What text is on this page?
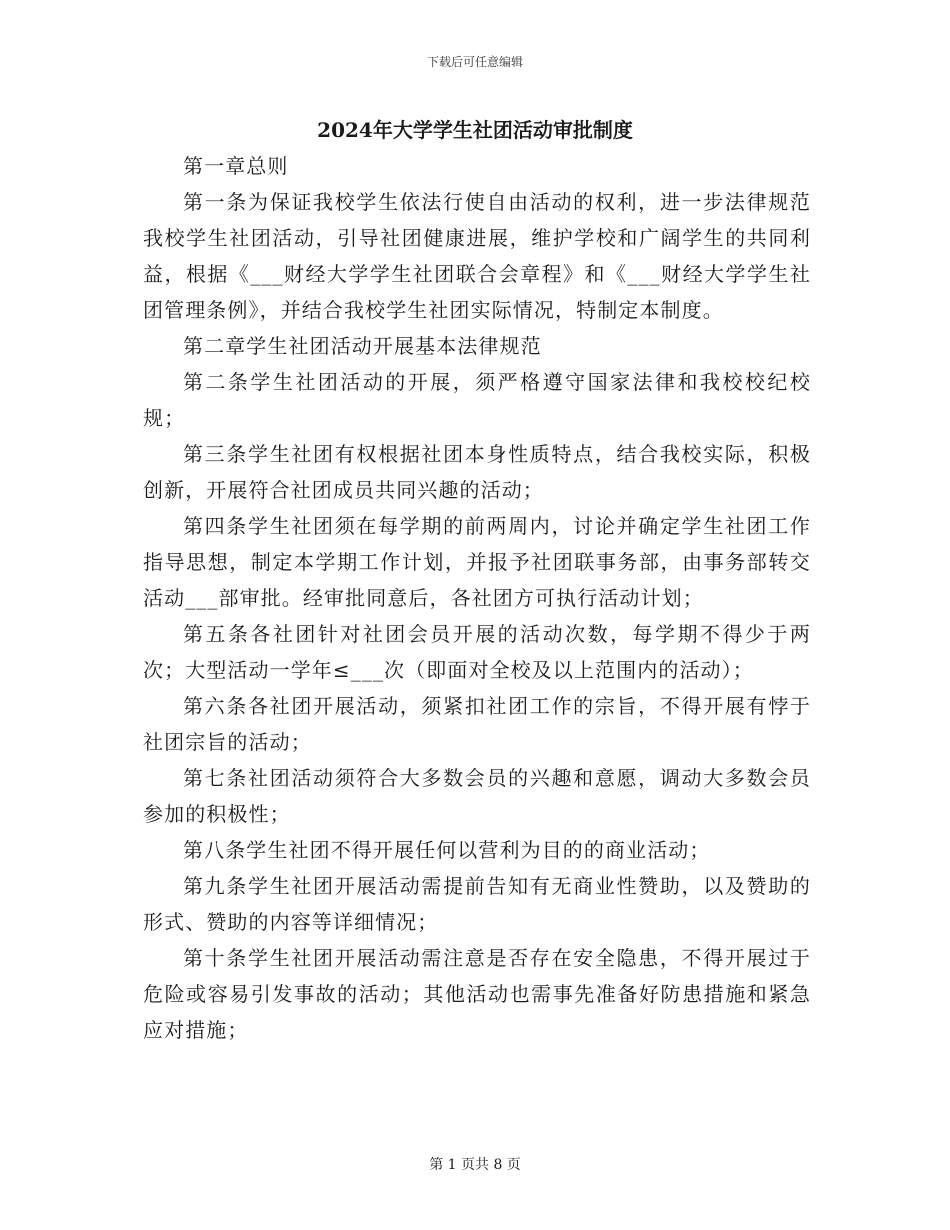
下载后可任意编辑
2024年大学学生社团活动审批制度

第一章总则

第一条为保证我校学生依法行使自由活动的权利，进一步法律规范我校学生社团活动，引导社团健康进展，维护学校和广阔学生的共同利益，根据《___财经大学学生社团联合会章程》和《___财经大学学生社团管理条例》，并结合我校学生社团实际情况，特制定本制度。

第二章学生社团活动开展基本法律规范

第二条学生社团活动的开展，须严格遵守国家法律和我校校纪校规；

第三条学生社团有权根据社团本身性质特点，结合我校实际，积极创新，开展符合社团成员共同兴趣的活动；

第四条学生社团须在每学期的前两周内，讨论并确定学生社团工作指导思想，制定本学期工作计划，并报予社团联事务部，由事务部转交活动___部审批。经审批同意后，各社团方可执行活动计划；

第五条各社团针对社团会员开展的活动次数，每学期不得少于两次；大型活动一学年≤___次（即面对全校及以上范围内的活动）；

第六条各社团开展活动，须紧扣社团工作的宗旨，不得开展有悖于社团宗旨的活动；

第七条社团活动须符合大多数会员的兴趣和意愿，调动大多数会员参加的积极性；

第八条学生社团不得开展任何以营利为目的的商业活动；

第九条学生社团开展活动需提前告知有无商业性赞助，以及赞助的形式、赞助的内容等详细情况；

第十条学生社团开展活动需注意是否存在安全隐患，不得开展过于危险或容易引发事故的活动；其他活动也需事先准备好防患措施和紧急应对措施；

第 1 页共 8 页
